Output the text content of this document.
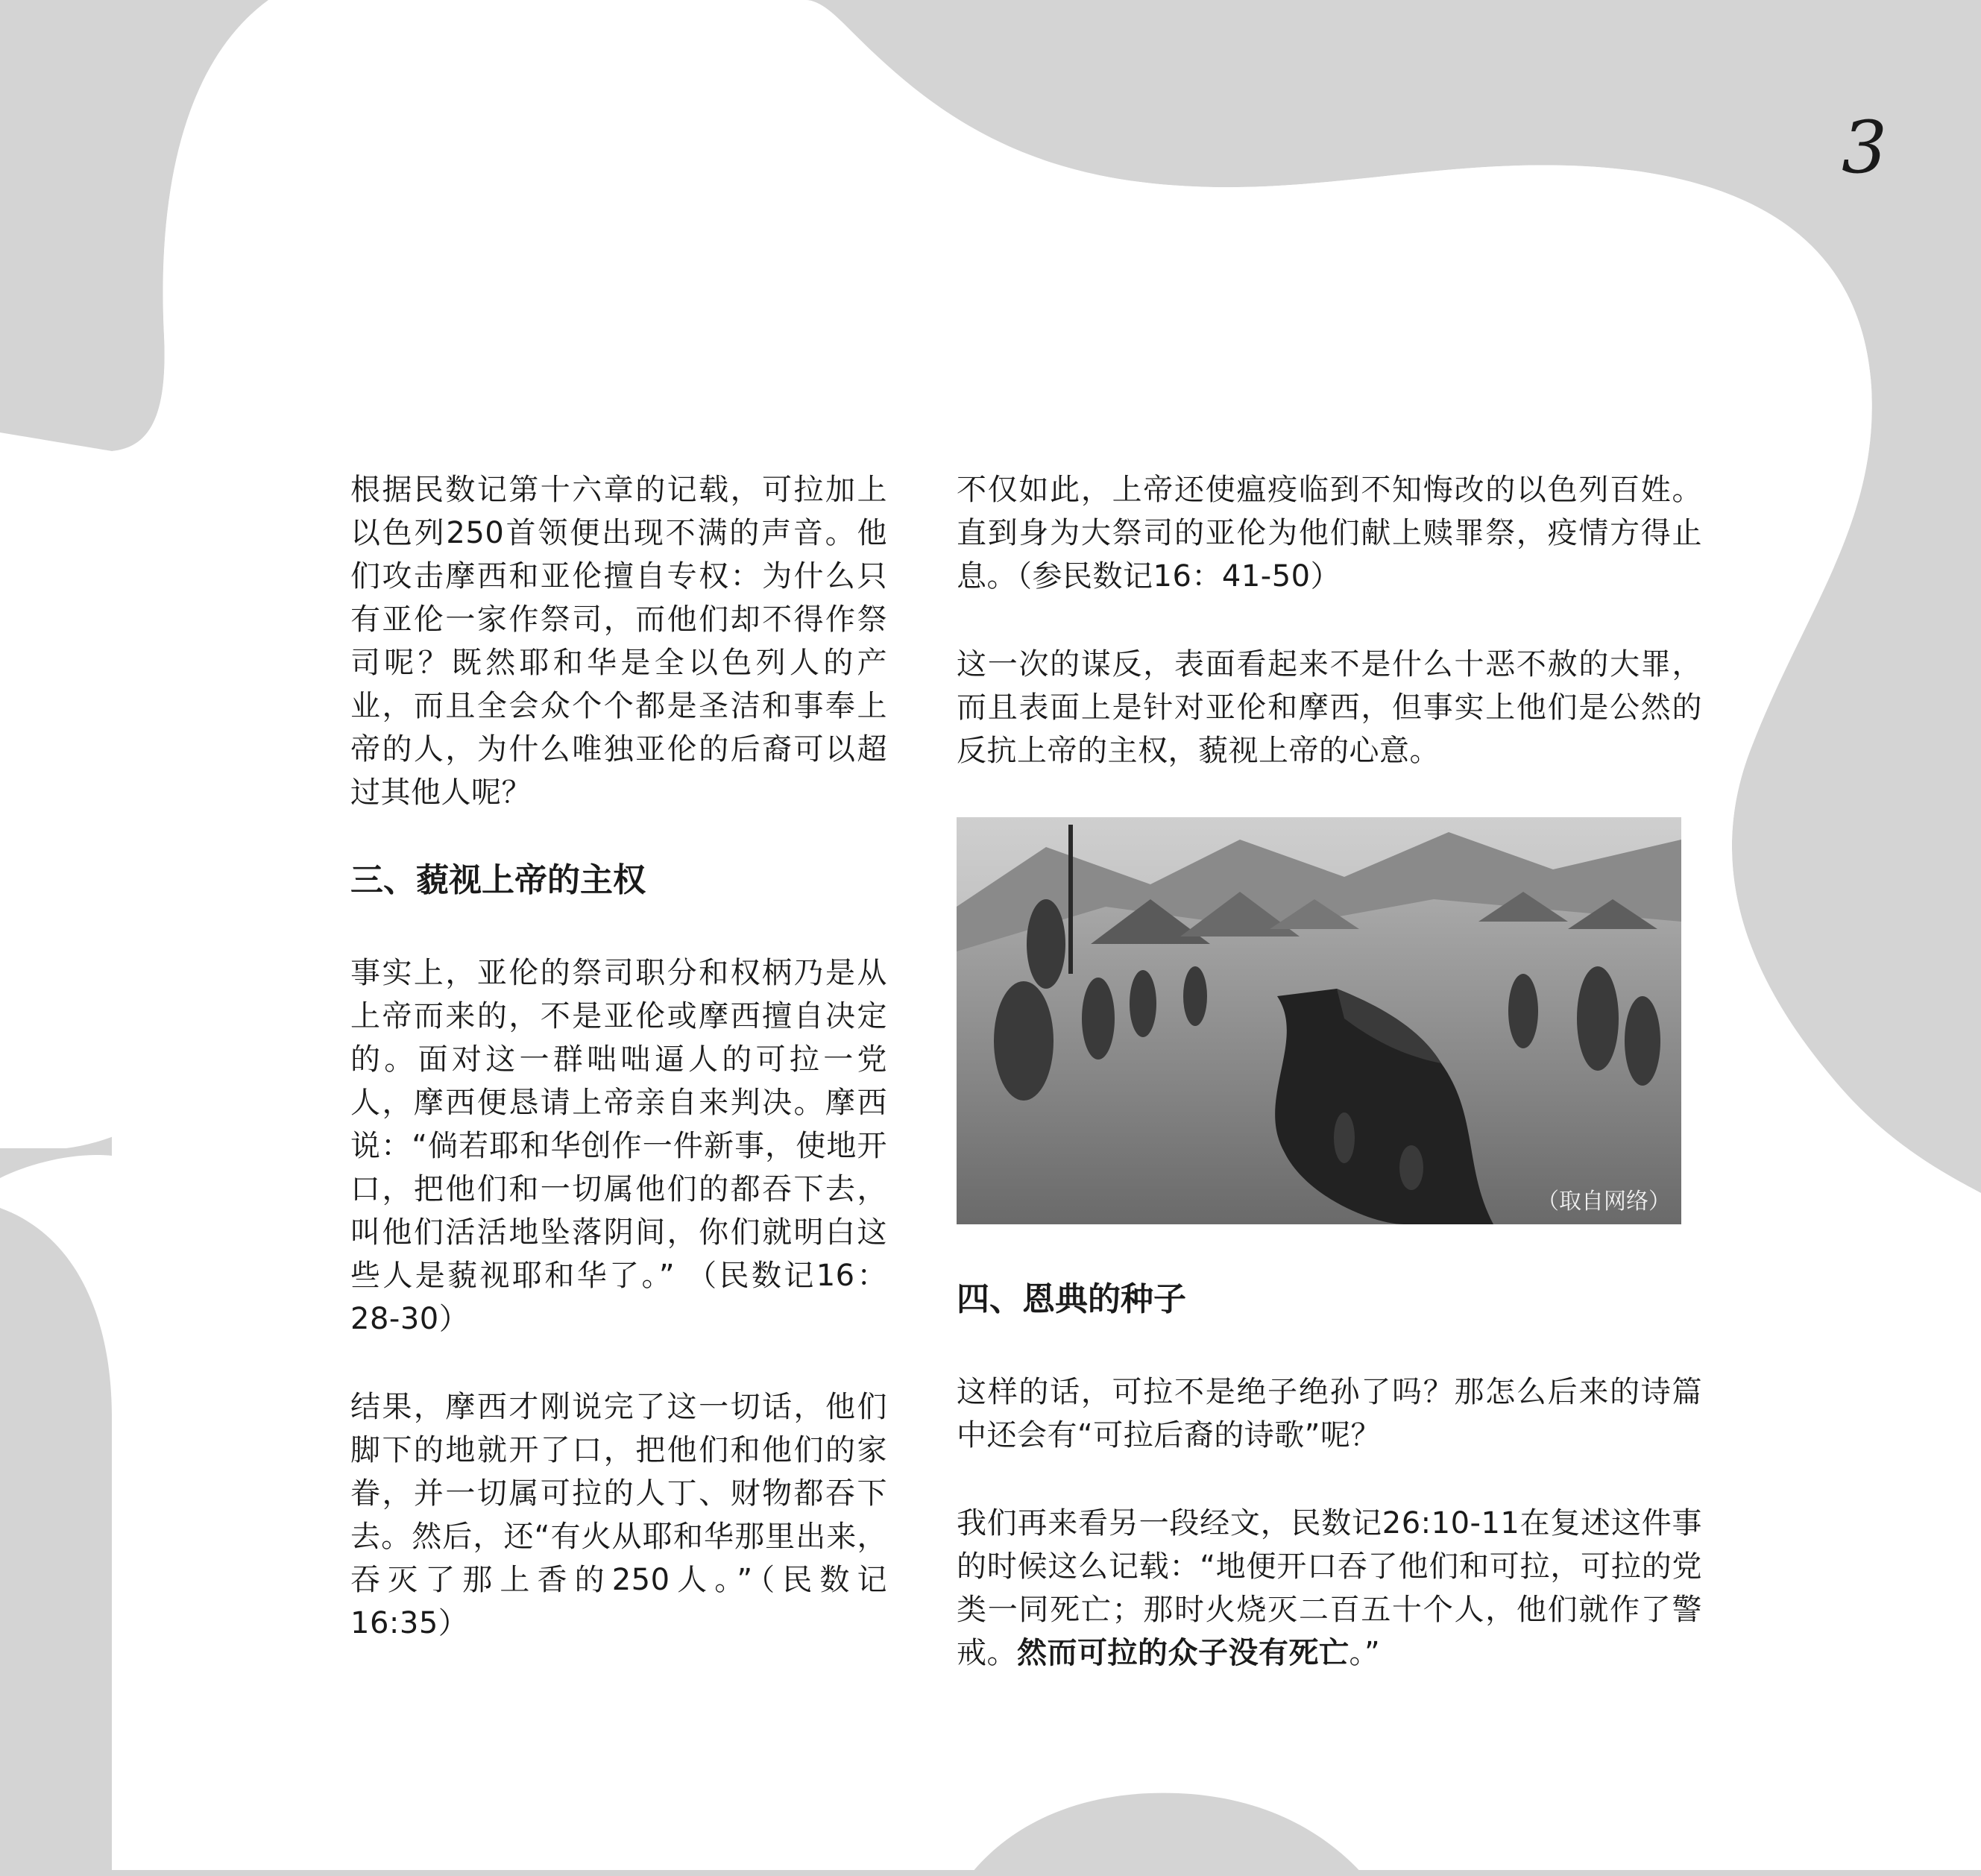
3

根据民数记第十六章的记载，可拉加上以色列250首领便出现不满的声音。他们攻击摩西和亚伦擅自专权：为什么只有亚伦一家作祭司，而他们却不得作祭司呢？既然耶和华是全以色列人的产业，而且全会众个个都是圣洁和事奉上帝的人，为什么唯独亚伦的后裔可以超过其他人呢？

三、藐视上帝的主权

事实上，亚伦的祭司职分和权柄乃是从上帝而来的，不是亚伦或摩西擅自决定的。面对这一群咄咄逼人的可拉一党人，摩西便恳请上帝亲自来判决。摩西说：“倘若耶和华创作一件新事，使地开口，把他们和一切属他们的都吞下去，叫他们活活地坠落阴间，你们就明白这些人是藐视耶和华了。” （民数记16：28-30）

结果，摩西才刚说完了这一切话，他们脚下的地就开了口，把他们和他们的家眷，并一切属可拉的人丁、财物都吞下去。然后，还“有火从耶和华那里出来，吞灭了那上香的250人。”（民数记16:35）

不仅如此，上帝还使瘟疫临到不知悔改的以色列百姓。直到身为大祭司的亚伦为他们献上赎罪祭，疫情方得止息。（参民数记16：41-50）

这一次的谋反，表面看起来不是什么十恶不赦的大罪，而且表面上是针对亚伦和摩西，但事实上他们是公然的反抗上帝的主权，藐视上帝的心意。

（取自网络）
四、恩典的种子

这样的话，可拉不是绝子绝孙了吗？那怎么后来的诗篇中还会有“可拉后裔的诗歌”呢？

我们再来看另一段经文，民数记26:10-11在复述这件事的时候这么记载：“地便开口吞了他们和可拉，可拉的党类一同死亡；那时火烧灭二百五十个人，他们就作了警戒。然而可拉的众子没有死亡。”
